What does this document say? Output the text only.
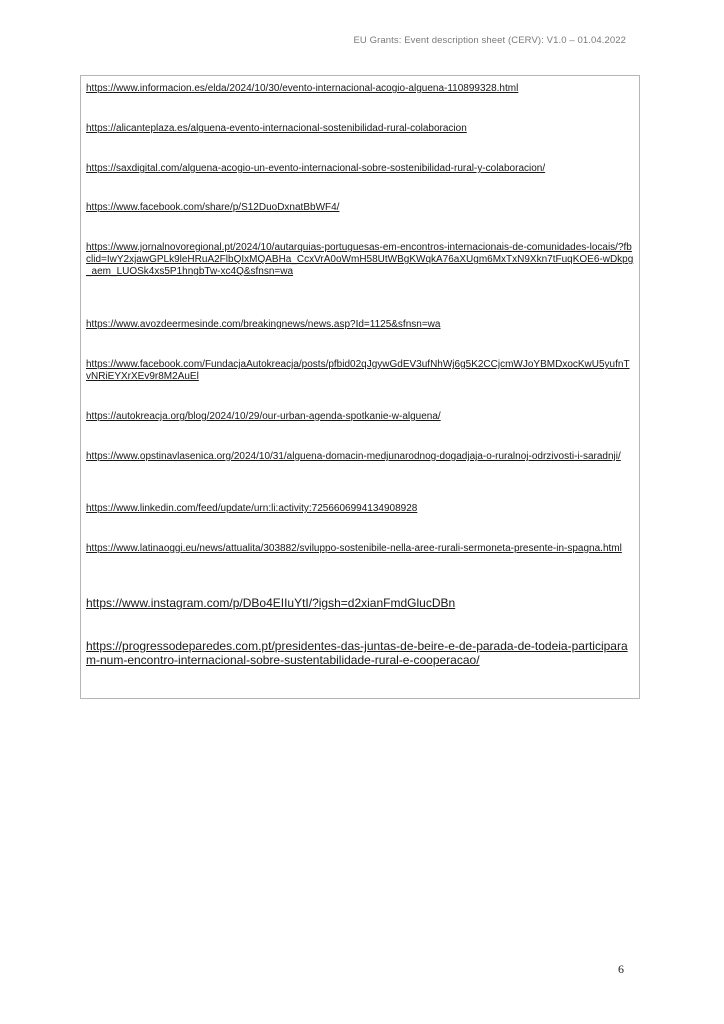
EU Grants: Event description sheet (CERV): V1.0 – 01.04.2022
https://www.informacion.es/elda/2024/10/30/evento-internacional-acogio-alguena-110899328.html
https://alicanteplaza.es/alguena-evento-internacional-sostenibilidad-rural-colaboracion
https://saxdigital.com/alguena-acogio-un-evento-internacional-sobre-sostenibilidad-rural-y-colaboracion/
https://www.facebook.com/share/p/S12DuoDxnatBbWF4/
https://www.jornalnovoregional.pt/2024/10/autarquias-portuguesas-em-encontros-internacionais-de-comunidades-locais/?fbclid=IwY2xjawGPLk9leHRuA2FlbQIxMQABHa_CcxVrA0oWmH58UtWBgKWqkA76aXUgm6MxTxN9Xkn7tFuqKOE6-wDkpg_aem_LUOSk4xs5P1hngbTw-xc4Q&sfnsn=wa
https://www.avozdeermesinde.com/breakingnews/news.asp?Id=1125&sfnsn=wa
https://www.facebook.com/FundacjaAutokreacja/posts/pfbid02qJgywGdEV3ufNhWj6g5K2CCjcmWJoYBMDxocKwU5yufnTvNRiEYXrXEv9r8M2AuEl
https://autokreacja.org/blog/2024/10/29/our-urban-agenda-spotkanie-w-alguena/
https://www.opstinavlasenica.org/2024/10/31/alguena-domacin-medjunarodnog-dogadjaja-o-ruralnoj-odrzivosti-i-saradnji/
https://www.linkedin.com/feed/update/urn:li:activity:7256606994134908928
https://www.latinaoggi.eu/news/attualita/303882/sviluppo-sostenibile-nella-aree-rurali-sermoneta-presente-in-spagna.html
https://www.instagram.com/p/DBo4EIIuYtI/?igsh=d2xianFmdGlucDBn
https://progressodeparedes.com.pt/presidentes-das-juntas-de-beire-e-de-parada-de-todeia-participaram-num-encontro-internacional-sobre-sustentabilidade-rural-e-cooperacao/
6
